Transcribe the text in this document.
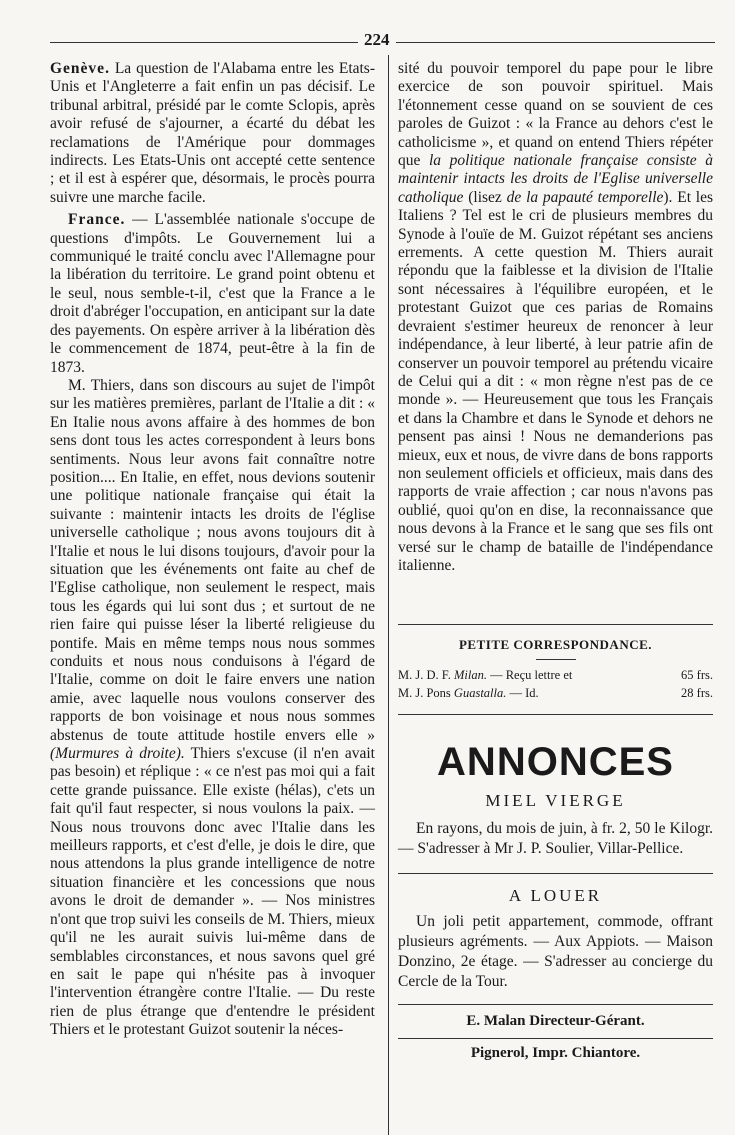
224

Genève. La question de l'Alabama entre les Etats-Unis et l'Angleterre a fait enfin un pas décisif. Le tribunal arbitral, présidé par le comte Sclopis, après avoir refusé de s'ajourner, a écarté du débat les reclamations de l'Amérique pour dommages indirects. Les Etats-Unis ont accepté cette sentence ; et il est à espérer que, désormais, le procès pourra suivre une marche facile.

France. — L'assemblée nationale s'occupe de questions d'impôts. Le Gouvernement lui a communiqué le traité conclu avec l'Allemagne pour la libération du territoire. Le grand point obtenu et le seul, nous semble-t-il, c'est que la France a le droit d'abréger l'occupation, en anticipant sur la date des payements. On espère arriver à la libération dès le commencement de 1874, peut-être à la fin de 1873.

M. Thiers, dans son discours au sujet de l'impôt sur les matières premières, parlant de l'Italie a dit : « En Italie nous avons affaire à des hommes de bon sens dont tous les actes correspondent à leurs bons sentiments. Nous leur avons fait connaître notre position.... En Italie, en effet, nous devions soutenir une politique nationale française qui était la suivante : maintenir intacts les droits de l'église universelle catholique ; nous avons toujours dit à l'Italie et nous le lui disons toujours, d'avoir pour la situation que les événements ont faite au chef de l'Eglise catholique, non seulement le respect, mais tous les égards qui lui sont dus ; et surtout de ne rien faire qui puisse léser la liberté religieuse du pontife. Mais en même temps nous nous sommes conduits et nous nous conduisons à l'égard de l'Italie, comme on doit le faire envers une nation amie, avec laquelle nous voulons conserver des rapports de bon voisinage et nous nous sommes abstenus de toute attitude hostile envers elle » (Murmures à droite). Thiers s'excuse (il n'en avait pas besoin) et réplique : « ce n'est pas moi qui a fait cette grande puissance. Elle existe (hélas), c'ets un fait qu'il faut respecter, si nous voulons la paix. — Nous nous trouvons donc avec l'Italie dans les meilleurs rapports, et c'est d'elle, je dois le dire, que nous attendons la plus grande intelligence de notre situation financière et les concessions que nous avons le droit de demander ». — Nos ministres n'ont que trop suivi les conseils de M. Thiers, mieux qu'il ne les aurait suivis lui-même dans de semblables circonstances, et nous savons quel gré en sait le pape qui n'hésite pas à invoquer l'intervention étrangère contre l'Italie. — Du reste rien de plus étrange que d'entendre le président Thiers et le protestant Guizot soutenir la néces-

sité du pouvoir temporel du pape pour le libre exercice de son pouvoir spirituel. Mais l'étonnement cesse quand on se souvient de ces paroles de Guizot : « la France au dehors c'est le catholicisme », et quand on entend Thiers répéter que la politique nationale française consiste à maintenir intacts les droits de l'Eglise universelle catholique (lisez de la papauté temporelle). Et les Italiens ? Tel est le cri de plusieurs membres du Synode à l'ouïe de M. Guizot répétant ses anciens errements. A cette question M. Thiers aurait répondu que la faiblesse et la division de l'Italie sont nécessaires à l'équilibre européen, et le protestant Guizot que ces parias de Romains devraient s'estimer heureux de renoncer à leur indépendance, à leur liberté, à leur patrie afin de conserver un pouvoir temporel au prétendu vicaire de Celui qui a dit : « mon règne n'est pas de ce monde ». — Heureusement que tous les Français et dans la Chambre et dans le Synode et dehors ne pensent pas ainsi ! Nous ne demanderions pas mieux, eux et nous, de vivre dans de bons rapports non seulement officiels et officieux, mais dans des rapports de vraie affection ; car nous n'avons pas oublié, quoi qu'on en dise, la reconnaissance que nous devons à la France et le sang que ses fils ont versé sur le champ de bataille de l'indépendance italienne.

PETITE CORRESPONDANCE.
M. J. D. F. Milan. — Reçu lettre et	65 frs.
M. J. Pons Guastalla. — Id.	28 frs.
ANNONCES
MIEL VIERGE

En rayons, du mois de juin, à fr. 2, 50 le Kilogr. — S'adresser à Mr J. P. Soulier, Villar-Pellice.

A LOUER

Un joli petit appartement, commode, offrant plusieurs agréments. — Aux Appiots. — Maison Donzino, 2e étage. — S'adresser au concierge du Cercle de la Tour.

E. Malan Directeur-Gérant.
Pignerol, Impr. Chiantore.
